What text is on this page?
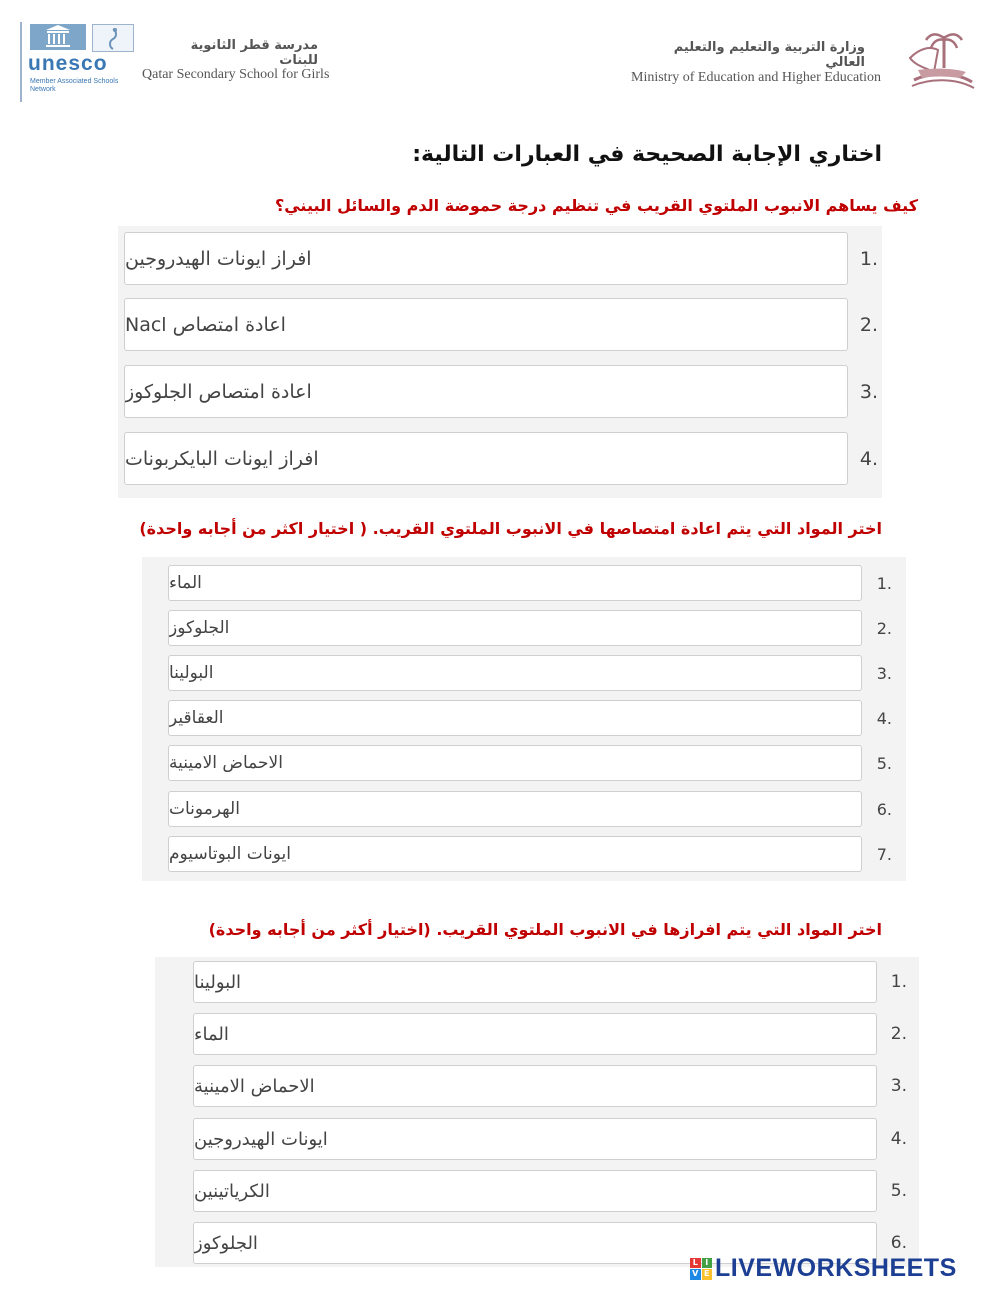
unesco
Member Associated Schools Network
مدرسة قطر الثانوية للبنات
Qatar Secondary School for Girls
وزارة التربية والتعليم والتعليم العالي
Ministry of Education and Higher Education
اختاري الإجابة الصحيحة في العبارات التالية:
كيف يساهم الانبوب الملتوي القريب في تنظيم درجة حموضة الدم والسائل البيني؟
1.
افراز ايونات الهيدروجين
2.
اعادة امتصاص Nacl
3.
اعادة امتصاص الجلوكوز
4.
افراز ايونات البايكربونات
اختر المواد التي يتم اعادة امتصاصها في الانبوب الملتوي القريب. ( اختيار اكثر من أجابه واحدة)
1.
الماء
2.
الجلوكوز
3.
البولينا
4.
العقاقير
5.
الاحماض الامينية
6.
الهرمونات
7.
ايونات البوتاسيوم
اختر المواد التي يتم افرازها في الانبوب الملتوي القريب. (اختيار أكثر من أجابه واحدة)
1.
البولينا
2.
الماء
3.
الاحماض الامينية
4.
ايونات الهيدروجين
5.
الكرياتينين
6.
الجلوكوز
L I
V E LIVEWORKSHEETS
